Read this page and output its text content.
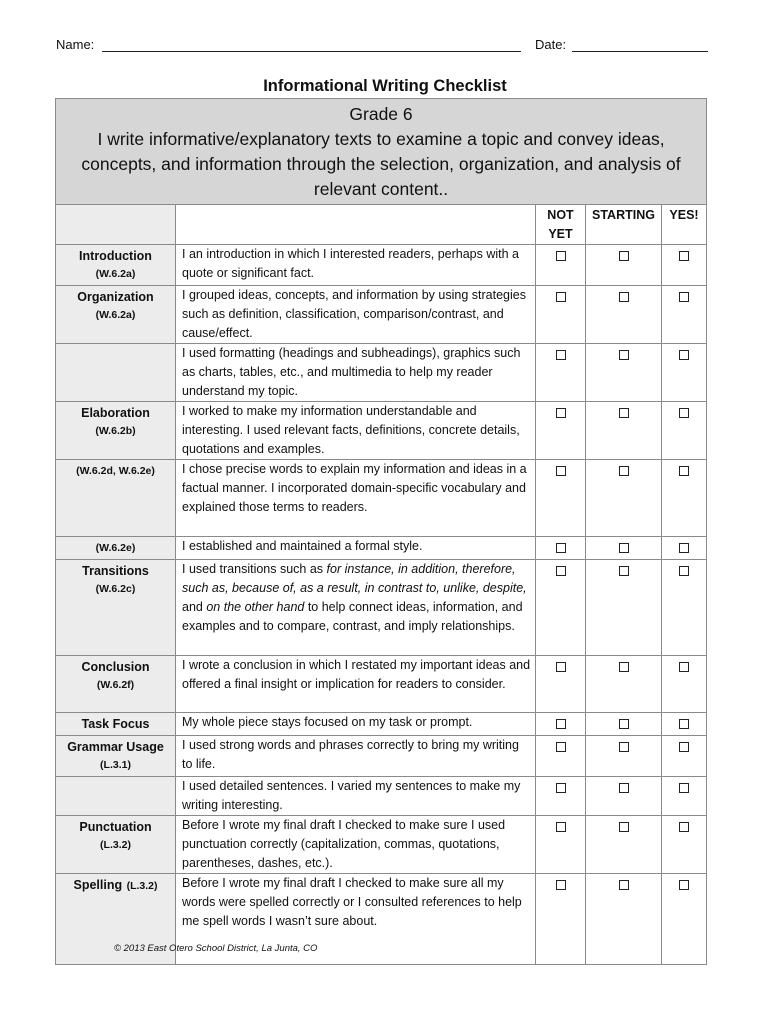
Name:	Date:
Informational Writing Checklist
Grade 6
I write informative/explanatory texts to examine a topic and convey ideas, concepts, and information through the selection, organization, and analysis of relevant content..				
		NOT YET	STARTING	YES!

Introduction
(W.6.2a)	I an introduction in which I interested readers, perhaps with a quote or significant fact.			

Organization
(W.6.2a)	I grouped ideas, concepts, and information by using strategies such as definition, classification, comparison/contrast, and cause/effect.			
	I used formatting (headings and subheadings), graphics such as charts, tables, etc., and multimedia to help my reader understand my topic.			

Elaboration
(W.6.2b)	I worked to make my information understandable and interesting. I used relevant facts, definitions, concrete details, quotations and examples.			

(W.6.2d, W.6.2e)	I chose precise words to explain my information and ideas in a factual manner. I incorporated domain-specific vocabulary and explained those terms to readers.			

(W.6.2e)	I established and maintained a formal style.			

Transitions
(W.6.2c)	I used transitions such as for instance, in addition, therefore, such as, because of, as a result, in contrast to, unlike, despite, and on the other hand to help connect ideas, information, and examples and to compare, contrast, and imply relationships.			

Conclusion
(W.6.2f)	I wrote a conclusion in which I restated my important ideas and offered a final insight or implication for readers to consider.			

Task Focus	My whole piece stays focused on my task or prompt.			

Grammar Usage
(L.3.1)	I used strong words and phrases correctly to bring my writing to life.			
	I used detailed sentences. I varied my sentences to make my writing interesting.			

Punctuation
(L.3.2)	Before I wrote my final draft I checked to make sure I used punctuation correctly (capitalization, commas, quotations, parentheses, dashes, etc.).			
Spelling (L.3.2)	Before I wrote my final draft I checked to make sure all my words were spelled correctly or I consulted references to help me spell words I wasn’t sure about.			
© 2013 East Otero School District, La Junta, CO
